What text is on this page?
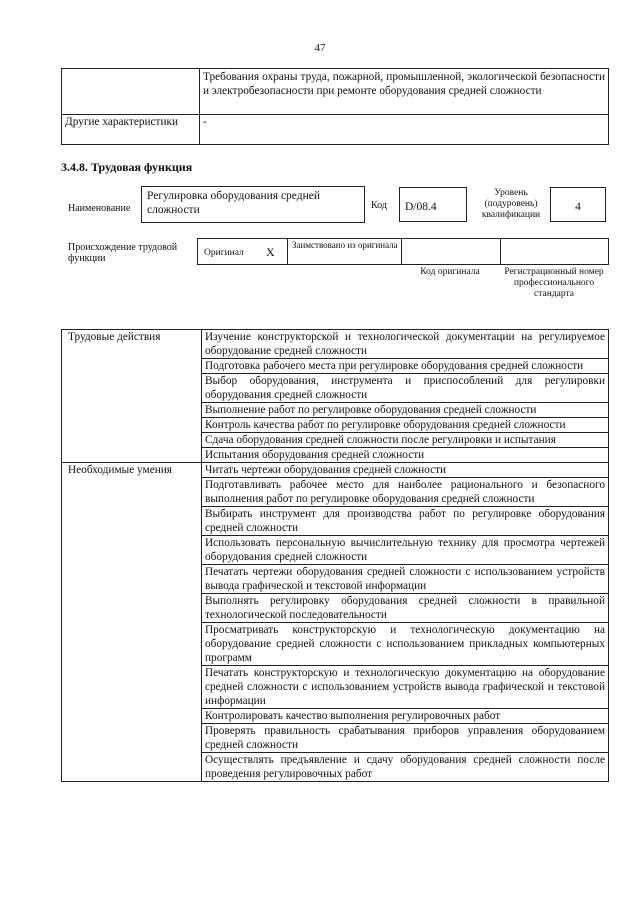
47
	Требования охраны труда, пожарной, промышленной, экологической безопасности и электробезопасности при ремонте оборудования средней сложности
Другие характеристики	-
3.4.8. Трудовая функция
Наименование
Регулировка оборудования средней сложности	Код	D/08.4
Уровень (подуровень) квалификации
4
Происхождение трудовой функции	Оригинал X Заимствовано из оригинала
Код оригинала	Регистрационный номер профессионального стандарта
Трудовые действия	Изучение конструкторской и технологической документации на регулируемое оборудование средней сложности
	Подготовка рабочего места при регулировке оборудования средней сложности
	Выбор оборудования, инструмента и приспособлений для регулировки оборудования средней сложности
	Выполнение работ по регулировке оборудования средней сложности
	Контроль качества работ по регулировке оборудования средней сложности
	Сдача оборудования средней сложности после регулировки и испытания
	Испытания оборудования средней сложности
Необходимые умения	Читать чертежи оборудования средней сложности
	Подготавливать рабочее место для наиболее рационального и безопасного выполнения работ по регулировке оборудования средней сложности
	Выбирать инструмент для производства работ по регулировке оборудования средней сложности
	Использовать персональную вычислительную технику для просмотра чертежей оборудования средней сложности
	Печатать чертежи оборудования средней сложности с использованием устройств вывода графической и текстовой информации
	Выполнять регулировку оборудования средней сложности в правильной технологической последовательности
	Просматривать конструкторскую и технологическую документацию на оборудование средней сложности с использованием прикладных компьютерных программ
	Печатать конструкторскую и технологическую документацию на оборудование средней сложности с использованием устройств вывода графической и текстовой информации
	Контролировать качество выполнения регулировочных работ
	Проверять правильность срабатывания приборов управления оборудованием средней сложности
	Осуществлять предъявление и сдачу оборудования средней сложности после проведения регулировочных работ
